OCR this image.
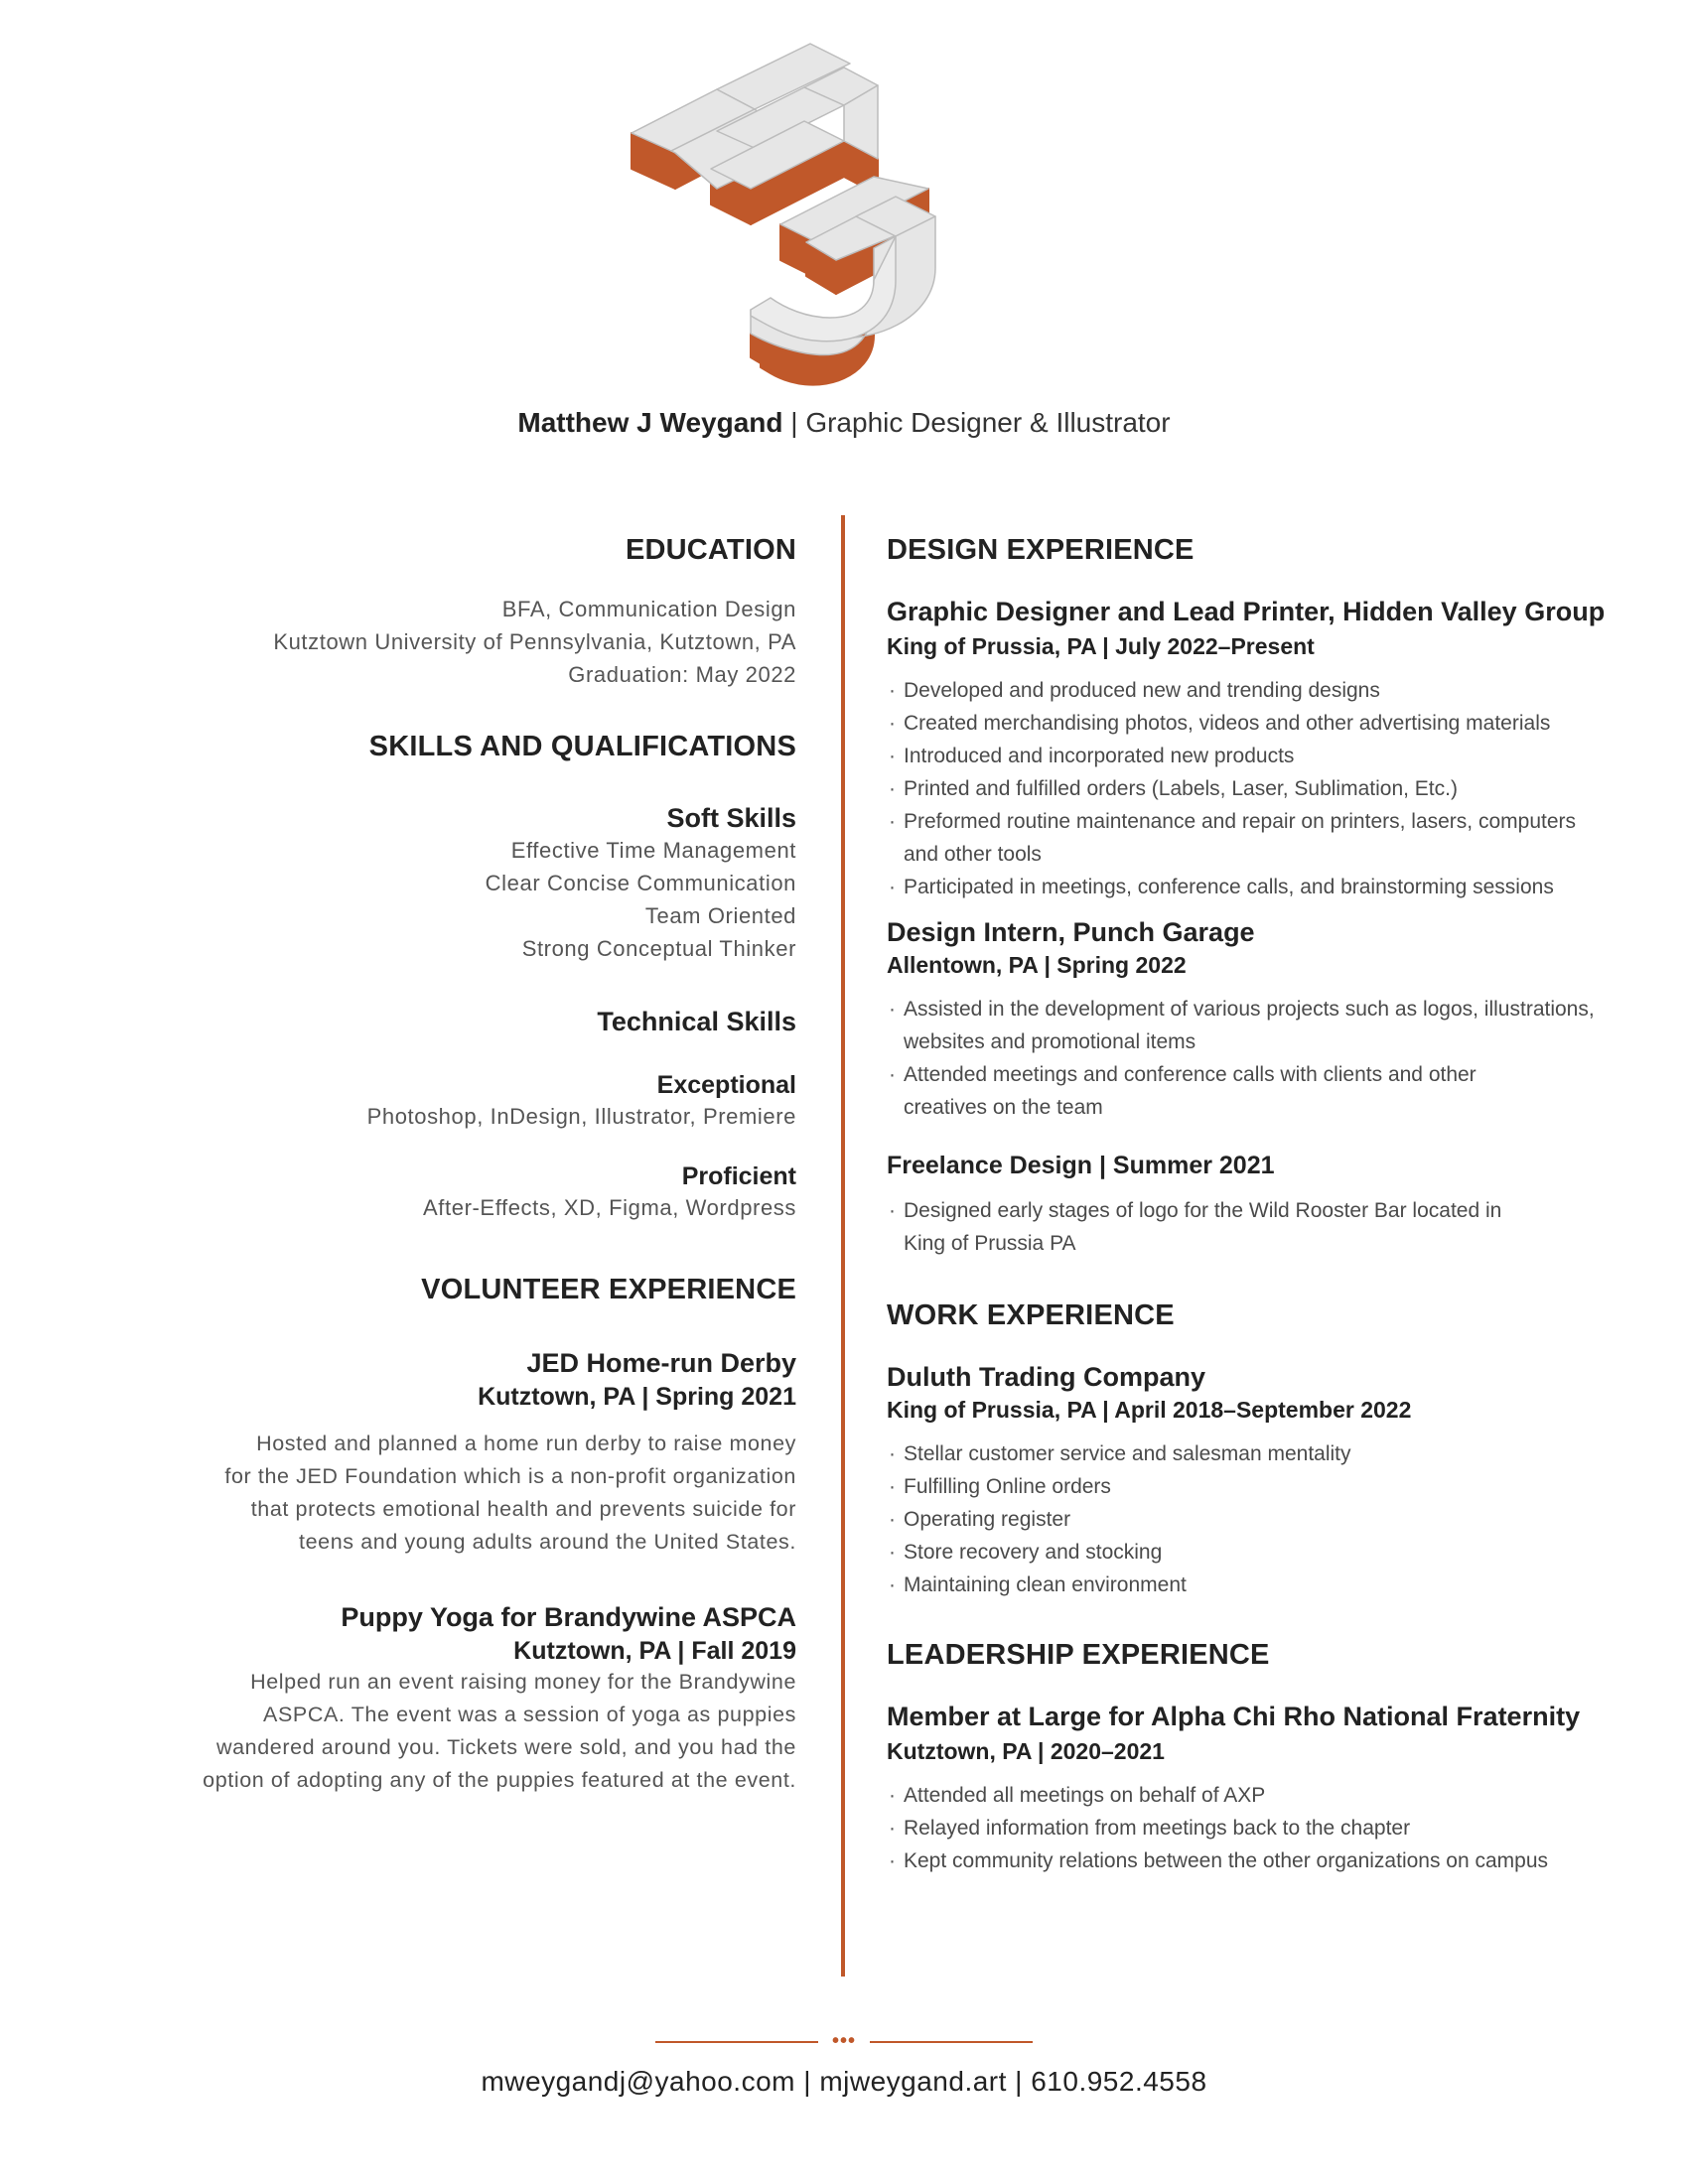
Matthew J Weygand | Graphic Designer & Illustrator
EDUCATION
BFA, Communication Design
Kutztown University of Pennsylvania, Kutztown, PA
Graduation: May 2022
SKILLS AND QUALIFICATIONS
Soft Skills
Effective Time Management
Clear Concise Communication
Team Oriented
Strong Conceptual Thinker
Technical Skills
Exceptional
Photoshop, InDesign, Illustrator, Premiere
Proficient
After-Effects, XD, Figma, Wordpress
VOLUNTEER EXPERIENCE
JED Home-run Derby
Kutztown, PA | Spring 2021
Hosted and planned a home run derby to raise money
for the JED Foundation which is a non-profit organization
that protects emotional health and prevents suicide for
teens and young adults around the United States.
Puppy Yoga for Brandywine ASPCA
Kutztown, PA | Fall 2019
Helped run an event raising money for the Brandywine
ASPCA. The event was a session of yoga as puppies
wandered around you. Tickets were sold, and you had the
option of adopting any of the puppies featured at the event.
DESIGN EXPERIENCE
Graphic Designer and Lead Printer, Hidden Valley Group
King of Prussia, PA | July 2022–Present
· Developed and produced new and trending designs
· Created merchandising photos, videos and other advertising materials
· Introduced and incorporated new products
· Printed and fulfilled orders (Labels, Laser, Sublimation, Etc.)
· Preformed routine maintenance and repair on printers, lasers, computers and other tools
· Participated in meetings, conference calls, and brainstorming sessions
Design Intern, Punch Garage
Allentown, PA | Spring 2022
· Assisted in the development of various projects such as logos, illustrations, websites and promotional items
· Attended meetings and conference calls with clients and other creatives on the team
Freelance Design | Summer 2021
· Designed early stages of logo for the Wild Rooster Bar located in King of Prussia PA
WORK EXPERIENCE
Duluth Trading Company
King of Prussia, PA | April 2018–September 2022
· Stellar customer service and salesman mentality
· Fulfilling Online orders
· Operating register
· Store recovery and stocking
· Maintaining clean environment
LEADERSHIP EXPERIENCE
Member at Large for Alpha Chi Rho National Fraternity
Kutztown, PA | 2020–2021
· Attended all meetings on behalf of AXP
· Relayed information from meetings back to the chapter
· Kept community relations between the other organizations on campus
•••
mweygandj@yahoo.com | mjweygand.art | 610.952.4558
